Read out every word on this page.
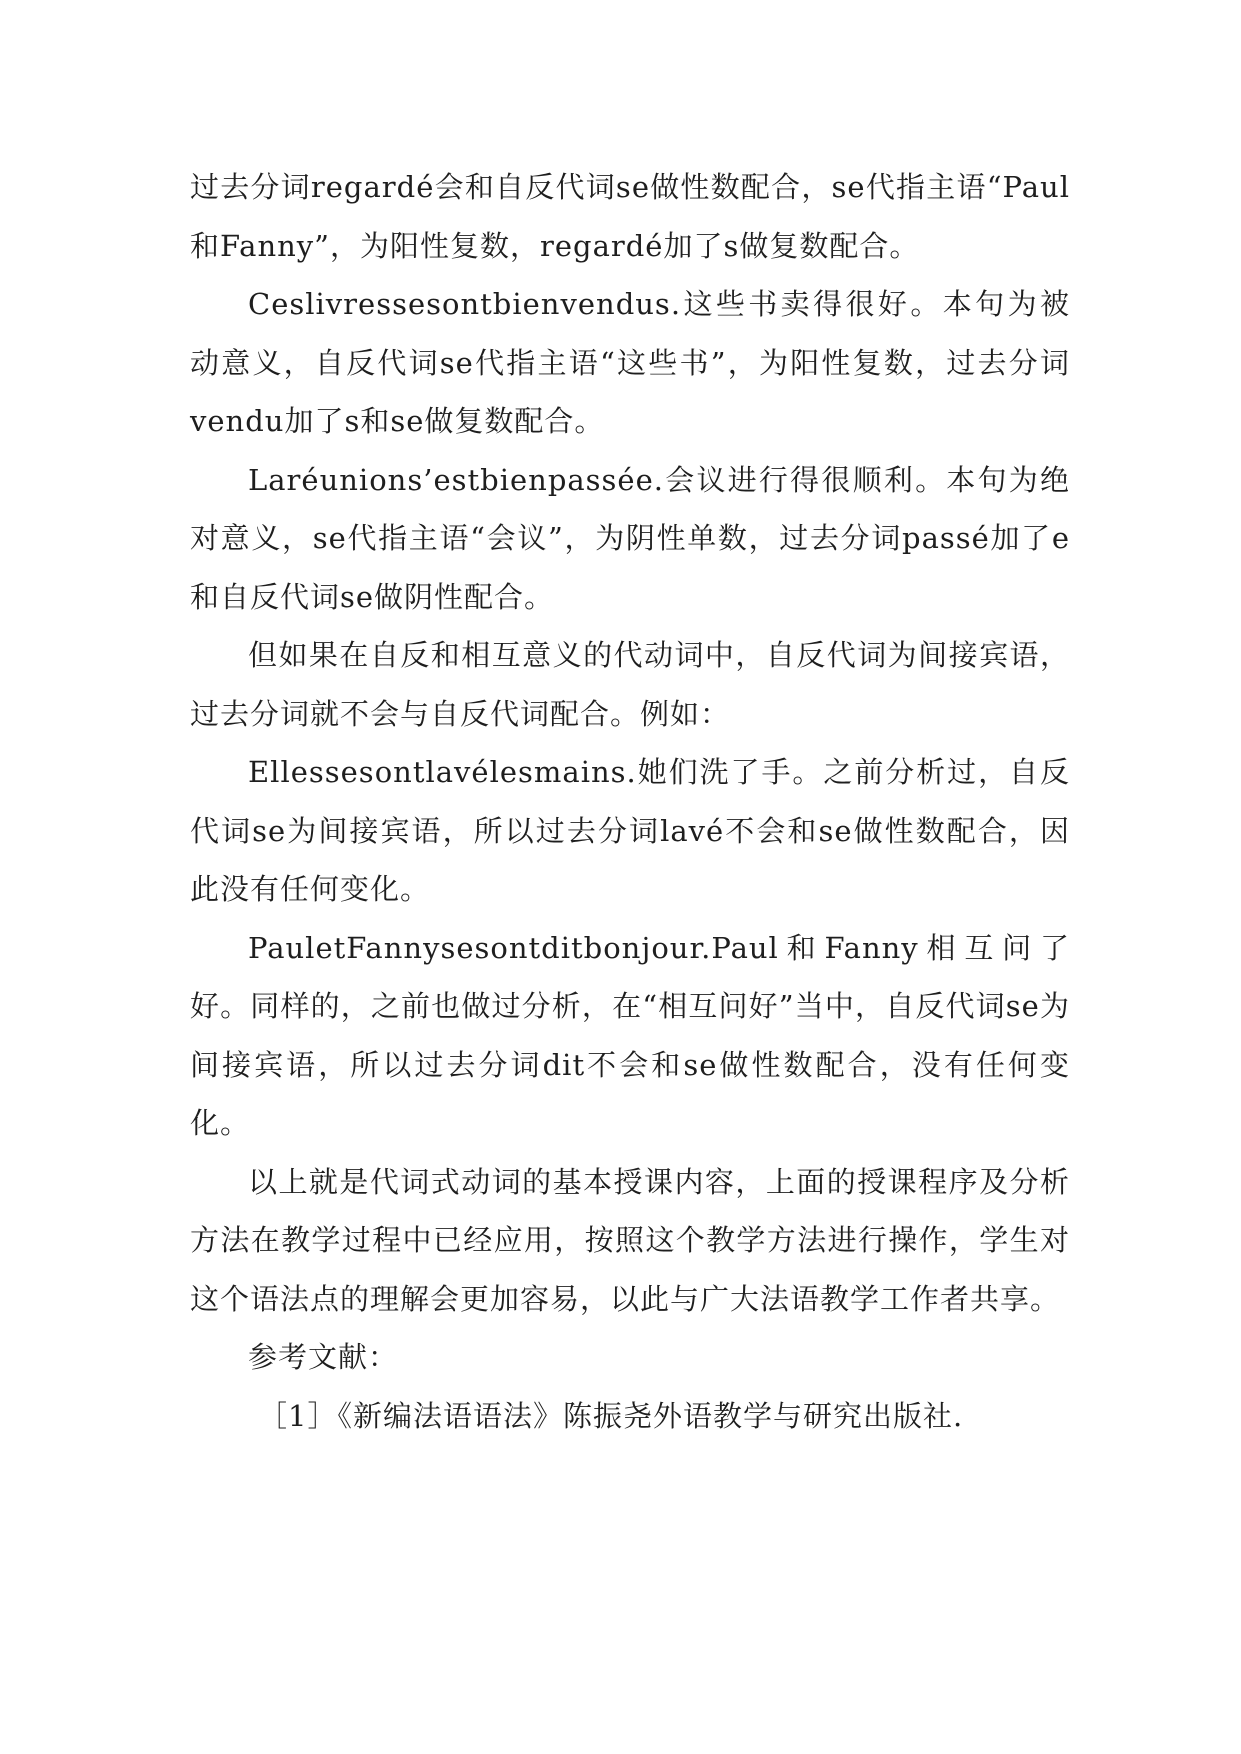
过去分词regardé会和自反代词se做性数配合，se代指主语“Paul和Fanny”，为阳性复数，regardé加了s做复数配合。

Ceslivressesontbienvendus.这些书卖得很好。本句为被动意义，自反代词se代指主语“这些书”，为阳性复数，过去分词vendu加了s和se做复数配合。

Laréunions’estbienpassée.会议进行得很顺利。本句为绝对意义，se代指主语“会议”，为阴性单数，过去分词passé加了e和自反代词se做阴性配合。

但如果在自反和相互意义的代动词中，自反代词为间接宾语，过去分词就不会与自反代词配合。例如：

Ellessesontlavélesmains.她们洗了手。之前分析过，自反代词se为间接宾语，所以过去分词lavé不会和se做性数配合，因此没有任何变化。

PauletFannysesontditbonjour.Paul和Fanny相互问了好。同样的，之前也做过分析，在“相互问好”当中，自反代词se为间接宾语，所以过去分词dit不会和se做性数配合，没有任何变化。

以上就是代词式动词的基本授课内容，上面的授课程序及分析方法在教学过程中已经应用，按照这个教学方法进行操作，学生对这个语法点的理解会更加容易，以此与广大法语教学工作者共享。

参考文献：

［1］《新编法语语法》陈振尧外语教学与研究出版社.
